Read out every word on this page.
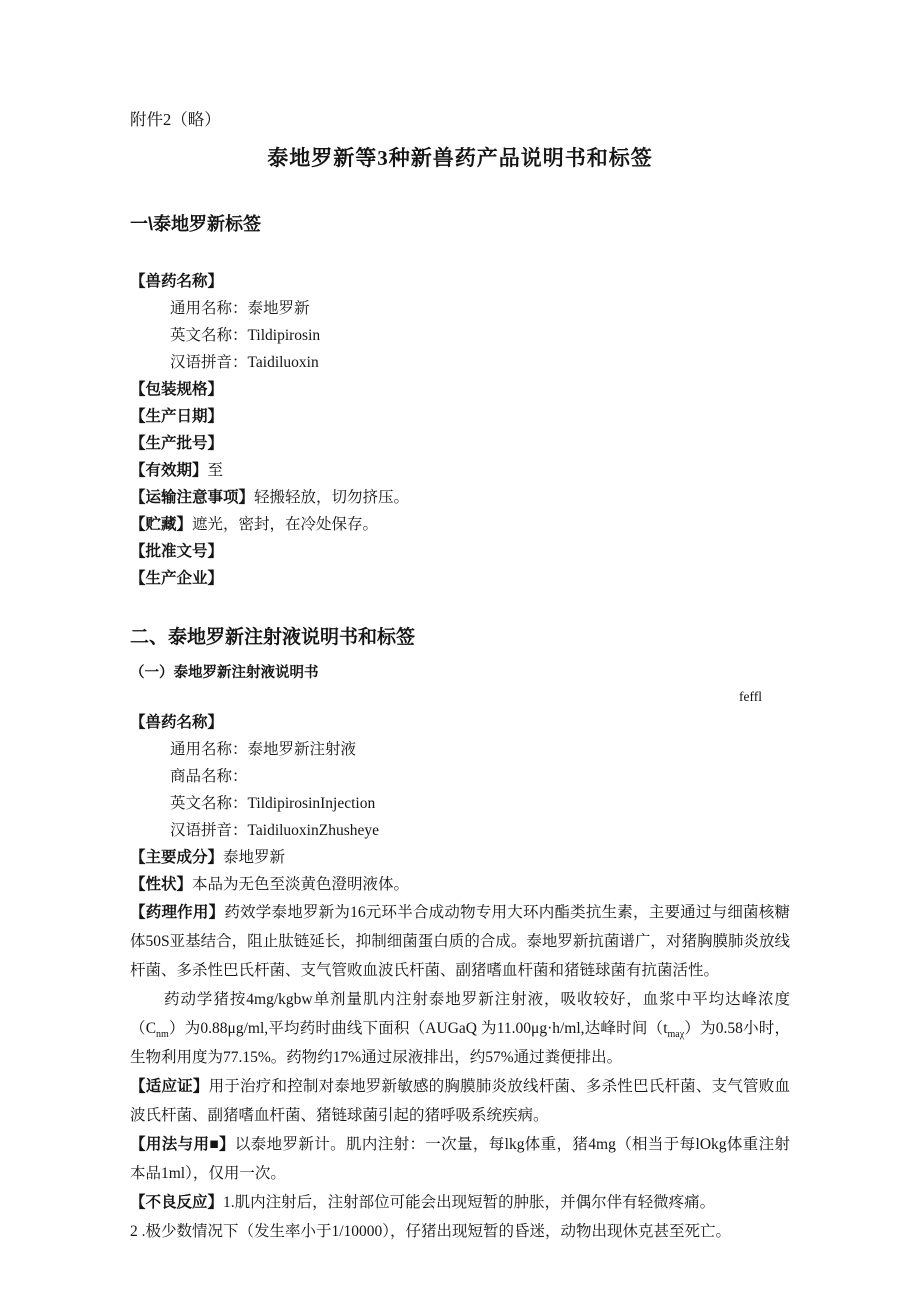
附件2（略）

泰地罗新等3种新兽药产品说明书和标签
一\泰地罗新标签

【兽药名称】

通用名称：泰地罗新

英文名称：Tildipirosin

汉语拼音：Taidiluoxin

【包装规格】

【生产日期】

【生产批号】

【有效期】至

【运输注意事项】轻搬轻放，切勿挤压。

【贮藏】遮光，密封，在冷处保存。

【批准文号】

【生产企业】

二、泰地罗新注射液说明书和标签
（一）泰地罗新注射液说明书

feffl

【兽药名称】

通用名称：泰地罗新注射液

商品名称：

英文名称：TildipirosinInjection

汉语拼音：TaidiluoxinZhusheye

【主要成分】泰地罗新

【性状】本品为无色至淡黄色澄明液体。

【药理作用】药效学泰地罗新为16元环半合成动物专用大环内酯类抗生素，主要通过与细菌核糖体50S亚基结合，阻止肽链延长，抑制细菌蛋白质的合成。泰地罗新抗菌谱广，对猪胸膜肺炎放线杆菌、多杀性巴氏杆菌、支气管败血波氏杆菌、副猪嗜血杆菌和猪链球菌有抗菌活性。

药动学猪按4mg/kgbw单剂量肌内注射泰地罗新注射液，吸收较好，血浆中平均达峰浓度$(C_{nm})$为0.88μg/ml,平均药时曲线下面积（AUGaQ 为11.00μg·h/ml,达峰时间$(t_{ma\chi})$为0.58小时，生物利用度为77.15%。药物约17%通过尿液排出，约57%通过粪便排出。

【适应证】用于治疗和控制对泰地罗新敏感的胸膜肺炎放线杆菌、多杀性巴氏杆菌、支气管败血波氏杆菌、副猪嗜血杆菌、猪链球菌引起的猪呼吸系统疾病。

【用法与用■】以泰地罗新计。肌内注射：一次量，每lkg体重，猪4mg（相当于每lOkg体重注射本品1ml），仅用一次。

【不良反应】1.肌内注射后，注射部位可能会出现短暂的肿胀，并偶尔伴有轻微疼痛。

2 .极少数情况下（发生率小于1/10000），仔猪出现短暂的昏迷，动物出现休克甚至死亡。
